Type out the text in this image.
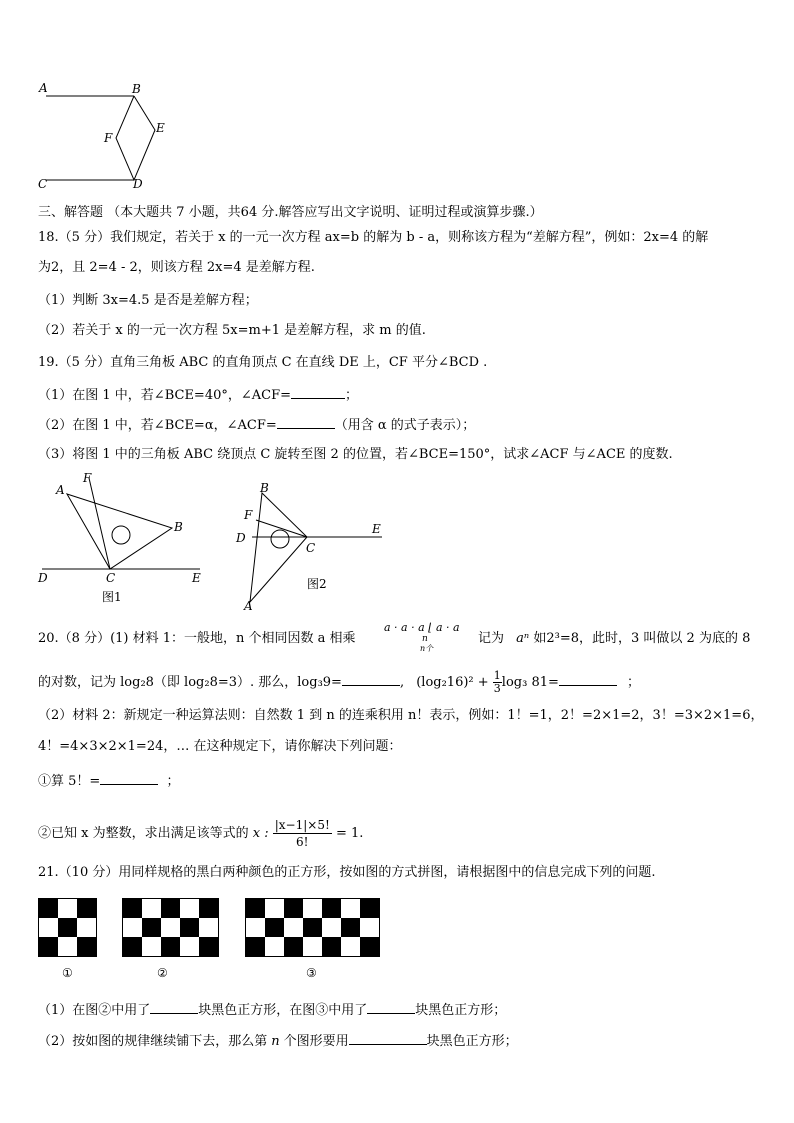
A	B
F
E
C	D
三、解答题 （本大题共 7 小题，共64 分.解答应写出文字说明、证明过程或演算步骤.）
18.（5 分）我们规定，若关于 x 的一元一次方程 ax=b 的解为 b - a，则称该方程为“差解方程”，例如：2x=4 的解
为2，且 2=4 - 2，则该方程 2x=4 是差解方程.
（1）判断 3x=4.5 是否是差解方程；
（2）若关于 x 的一元一次方程 5x=m+1 是差解方程，求 m 的值.
19.（5 分）直角三角板 ABC 的直角顶点 C 在直线 DE 上，CF 平分∠BCD .
（1）在图 1 中，若∠BCE=40°，∠ACF=	；
（2）在图 1 中，若∠BCE=α，∠ACF=	（用含 α 的式子表示）；
（3）将图 1 中的三角板 ABC 绕顶点 C 旋转至图 2 的位置，若∠BCE=150°，试求∠ACF 与∠ACE 的度数.
A
F
B
D	C	E
图1
B
F
D
C
E
A
图2
20.（8 分）(1) 材料 1：一般地，n 个相同因数 a 相乘
a · a · a ⌊ a · a
n
n个
记为 aⁿ 如2³=8，此时，3 叫做以 2 为底的 8
的对数，记为 log₂8（即 log₂8=3）. 那么，log₃9=	, $(\log_216)^2 + \frac{1}{3} \log_3$ 81=	；
（2）材料 2：新规定一种运算法则：自然数 1 到 n 的连乘积用 n！表示，例如：1！=1，2！=2×1=2，3！=3×2×1=6，
4！=4×3×2×1=24，… 在这种规定下，请你解决下列问题：
①算 5！=	；
②已知 x 为整数，求出满足该等式的 x : $\frac{|x-1|\times 5!}{6!} = 1$.
21.（10 分）用同样规格的黑白两种颜色的正方形，按如图的方式拼图，请根据图中的信息完成下列的问题.

①	②	③
（1）在图②中用了	块黑色正方形，在图③中用了	块黑色正方形；
（2）按如图的规律继续铺下去，那么第 n 个图形要用	块黑色正方形；
